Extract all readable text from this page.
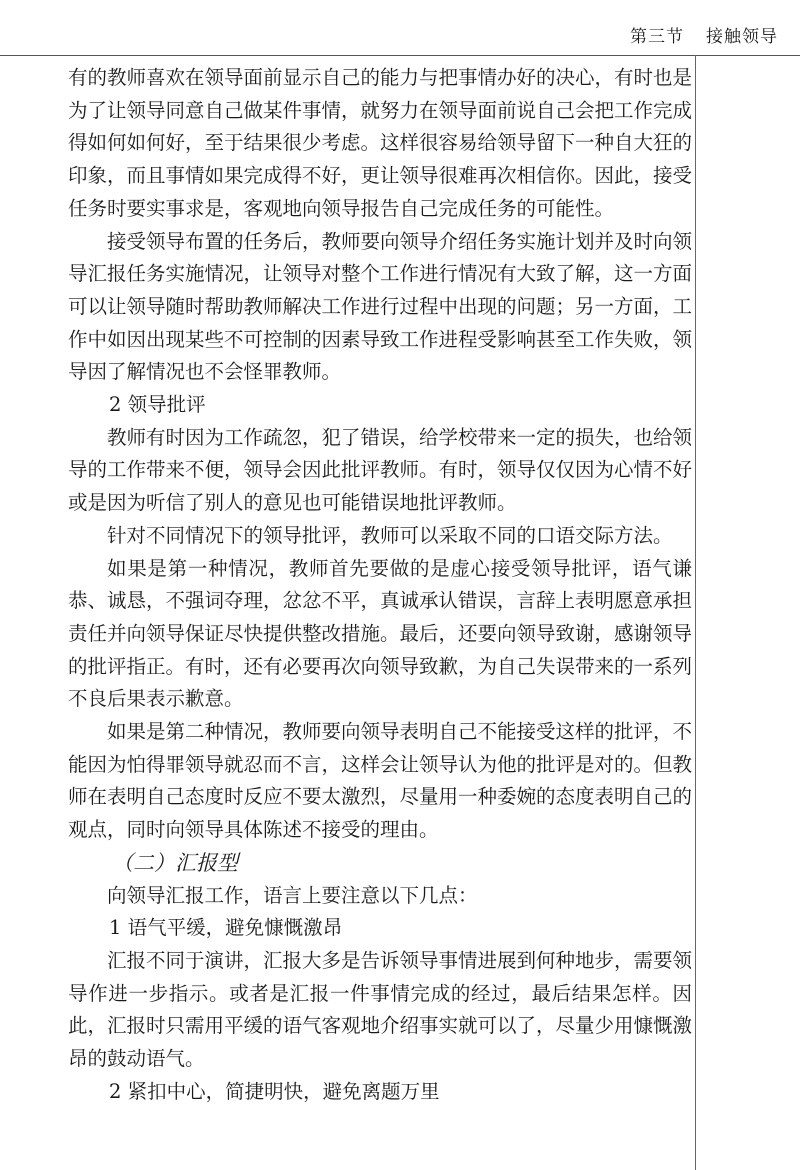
第三节 接触领导

有的教师喜欢在领导面前显示自己的能力与把事情办好的决心，有时也是为了让领导同意自己做某件事情，就努力在领导面前说自己会把工作完成得如何如何好，至于结果很少考虑。这样很容易给领导留下一种自大狂的印象，而且事情如果完成得不好，更让领导很难再次相信你。因此，接受任务时要实事求是，客观地向领导报告自己完成任务的可能性。

接受领导布置的任务后，教师要向领导介绍任务实施计划并及时向领导汇报任务实施情况，让领导对整个工作进行情况有大致了解，这一方面可以让领导随时帮助教师解决工作进行过程中出现的问题；另一方面，工作中如因出现某些不可控制的因素导致工作进程受影响甚至工作失败，领导因了解情况也不会怪罪教师。

2 领导批评

教师有时因为工作疏忽，犯了错误，给学校带来一定的损失，也给领导的工作带来不便，领导会因此批评教师。有时，领导仅仅因为心情不好或是因为听信了别人的意见也可能错误地批评教师。

针对不同情况下的领导批评，教师可以采取不同的口语交际方法。

如果是第一种情况，教师首先要做的是虚心接受领导批评，语气谦恭、诚恳，不强词夺理，忿忿不平，真诚承认错误，言辞上表明愿意承担责任并向领导保证尽快提供整改措施。最后，还要向领导致谢，感谢领导的批评指正。有时，还有必要再次向领导致歉，为自己失误带来的一系列不良后果表示歉意。

如果是第二种情况，教师要向领导表明自己不能接受这样的批评，不能因为怕得罪领导就忍而不言，这样会让领导认为他的批评是对的。但教师在表明自己态度时反应不要太激烈，尽量用一种委婉的态度表明自己的观点，同时向领导具体陈述不接受的理由。

（二）汇报型

向领导汇报工作，语言上要注意以下几点：

1 语气平缓，避免慷慨激昂

汇报不同于演讲，汇报大多是告诉领导事情进展到何种地步，需要领导作进一步指示。或者是汇报一件事情完成的经过，最后结果怎样。因此，汇报时只需用平缓的语气客观地介绍事实就可以了，尽量少用慷慨激昂的鼓动语气。

2 紧扣中心，简捷明快，避免离题万里
